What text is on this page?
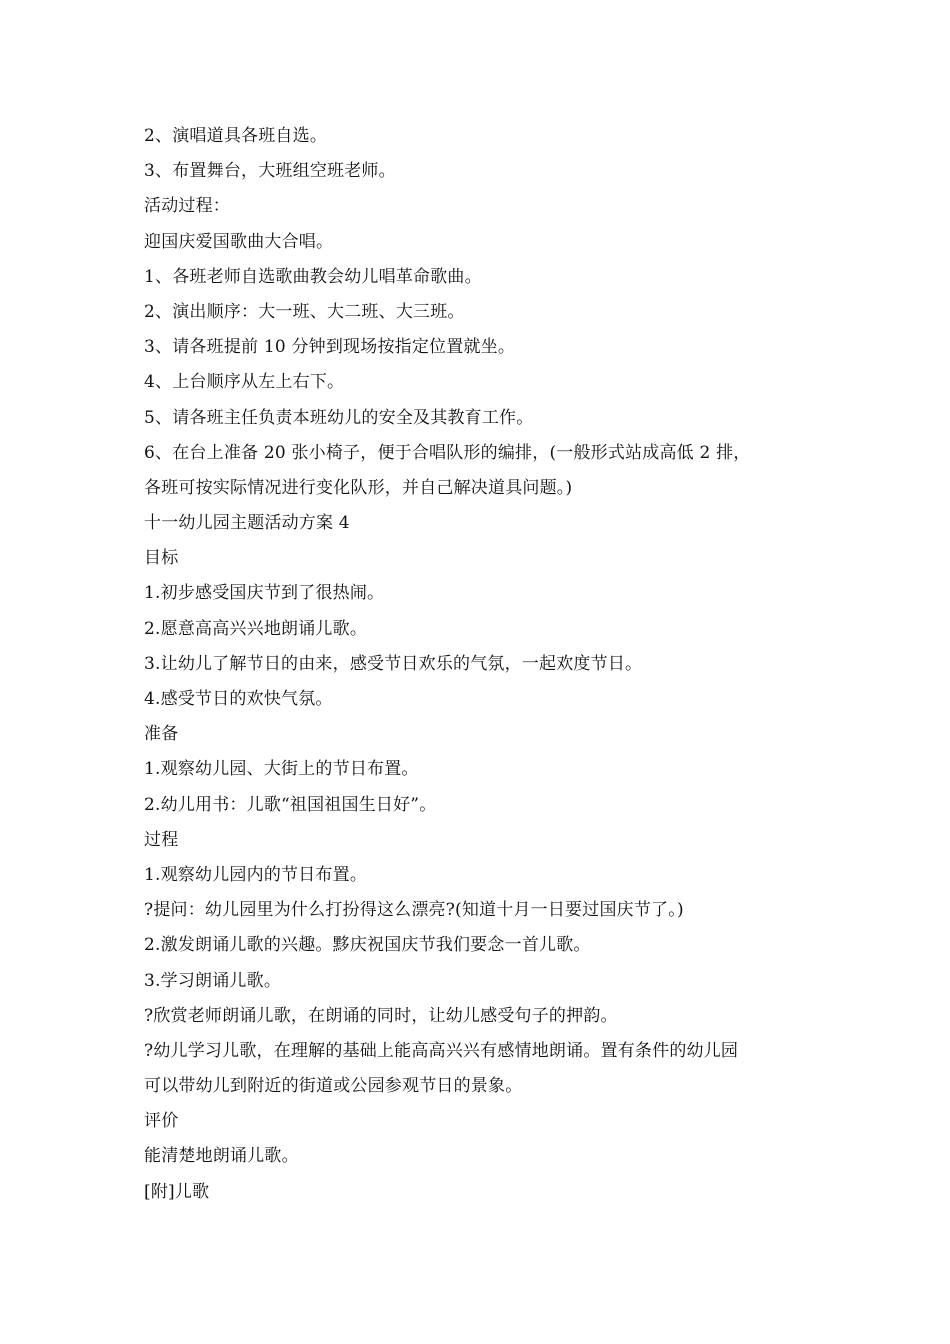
2、演唱道具各班自选。
3、布置舞台，大班组空班老师。
活动过程：
迎国庆爱国歌曲大合唱。
1、各班老师自选歌曲教会幼儿唱革命歌曲。
2、演出顺序：大一班、大二班、大三班。
3、请各班提前 10 分钟到现场按指定位置就坐。
4、上台顺序从左上右下。
5、请各班主任负责本班幼儿的安全及其教育工作。
6、在台上准备 20 张小椅子，便于合唱队形的编排，(一般形式站成高低 2 排，
各班可按实际情况进行变化队形，并自己解决道具问题。)
十一幼儿园主题活动方案 4
目标
1.初步感受国庆节到了很热闹。
2.愿意高高兴兴地朗诵儿歌。
3.让幼儿了解节日的由来，感受节日欢乐的气氛，一起欢度节日。
4.感受节日的欢快气氛。
准备
1.观察幼儿园、大街上的节日布置。
2.幼儿用书：儿歌“祖国祖国生日好”。
过程
1.观察幼儿园内的节日布置。
?提问：幼儿园里为什么打扮得这么漂亮?(知道十月一日要过国庆节了。)
2.激发朗诵儿歌的兴趣。黟庆祝国庆节我们要念一首儿歌。
3.学习朗诵儿歌。
?欣赏老师朗诵儿歌，在朗诵的同时，让幼儿感受句子的押韵。
?幼儿学习儿歌，在理解的基础上能高高兴兴有感情地朗诵。置有条件的幼儿园
可以带幼儿到附近的街道或公园参观节日的景象。
评价
能清楚地朗诵儿歌。
[附]儿歌
